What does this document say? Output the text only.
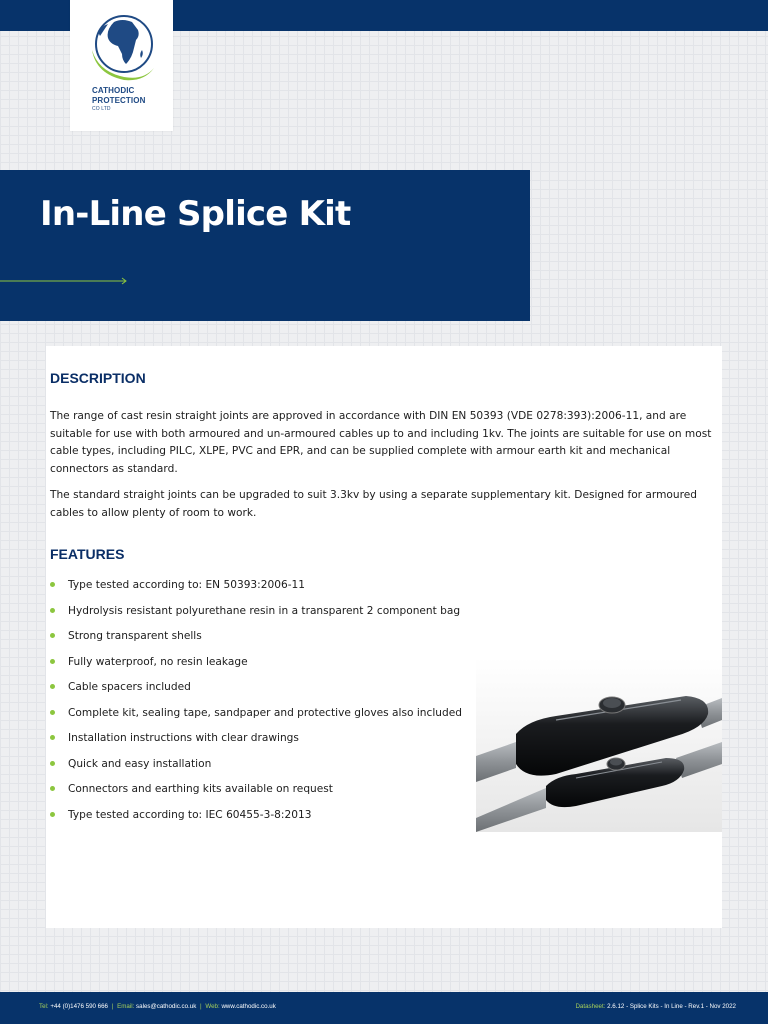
CATHODIC
PROTECTION
CO LTD
In-Line Splice Kit
DESCRIPTION

The range of cast resin straight joints are approved in accordance with DIN EN 50393 (VDE 0278:393):2006-11, and are suitable for use with both armoured and un-armoured cables up to and including 1kv. The joints are suitable for use on most cable types, including PILC, XLPE, PVC and EPR, and can be supplied complete with armour earth kit and mechanical connectors as standard.

The standard straight joints can be upgraded to suit 3.3kv by using a separate supplementary kit. Designed for armoured cables to allow plenty of room to work.

FEATURES
Type tested according to: EN 50393:2006-11
Hydrolysis resistant polyurethane resin in a transparent 2 component bag
Strong transparent shells
Fully waterproof, no resin leakage
Cable spacers included
Complete kit, sealing tape, sandpaper and protective gloves also included
Installation instructions with clear drawings
Quick and easy installation
Connectors and earthing kits available on request
Type tested according to: IEC 60455-3-8:2013
Tel: +44 (0)1476 590 666 | Email: sales@cathodic.co.uk | Web: www.cathodic.co.uk	Datasheet: 2.6.12 - Splice Kits - In Line - Rev.1 - Nov 2022
